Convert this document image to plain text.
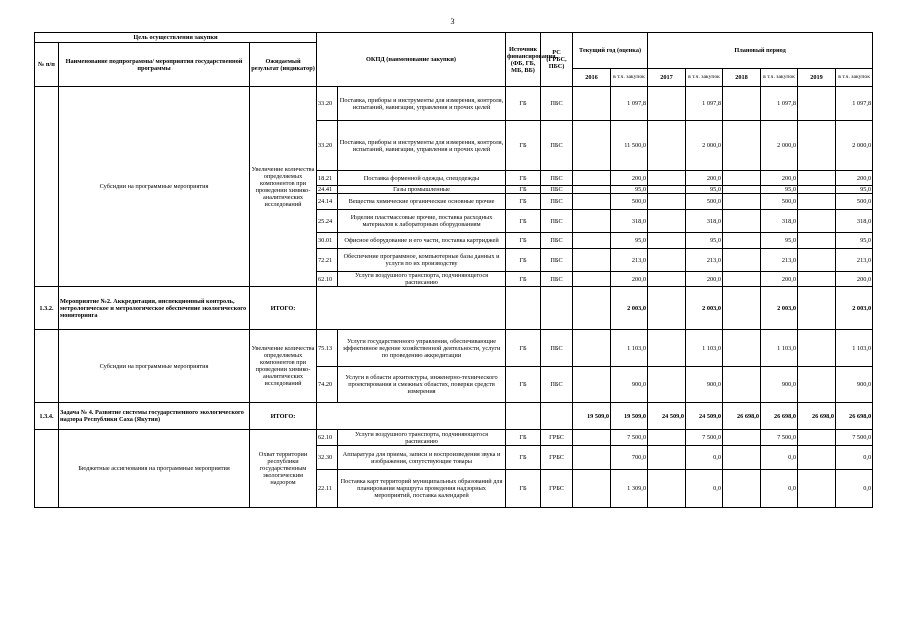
3
Цель осуществления закупки			ОКПД (наименование закупки)		Источник финансирования. (ФБ, ГБ, МБ, ВБ)	РС (ГРБС, ПБС)	Текущий год (оценка)		Плановый период					
№ п/п	Наименование подпрограммы/ мероприятия государственной программы	Ожидаемый результат (индикатор)												
							2016	в т.ч. закупок	2017	в т.ч. закупок	2018	в т.ч. закупок	2019	в т.ч. закупок
	Субсидии на программные мероприятия	Увеличение количества определяемых компонентов при проведении химико-аналитических исследований	33.20	Поставка, приборы и инструменты для измерения, контроля, испытаний, навигации, управления и прочих целей	ГБ	ПБС		1 097,8		1 097,8		1 097,8		1 097,8
			33.20	Поставка, приборы и инструменты для измерения, контроля, испытаний, навигации, управления и прочих целей	ГБ	ПБС		11 500,0		2 000,0		2 000,0		2 000,0
			18.21	Поставка форменной одежды, спецодежды	ГБ	ПБС		200,0		200,0		200,0		200,0
			24.41	Газы промышленные	ГБ	ПБС		95,0		95,0		95,0		95,0
			24.14	Вещества химические органические основные прочие	ГБ	ПБС		500,0		500,0		500,0		500,0
			25.24	Изделия пластмассовые прочие, поставка расходных материалов к лабораторным оборудованиям	ГБ	ПБС		318,0		318,0		318,0		318,0
			30.01	Офисное оборудование и его части, поставка картриджей	ГБ	ПБС		95,0		95,0		95,0		95,0
			72.21	Обеспечение программное, компьютерные базы данных и услуги по их производству	ГБ	ПБС		213,0		213,0		213,0		213,0
			62.10	Услуги воздушного транспорта, подчиняющегося расписанию	ГБ	ПБС		200,0		200,0		200,0		200,0
1.3.2.	Мероприятие №2. Аккредитация, инспекционный контроль, метрологическое и метрологическое обеспечение экологического мониторинга	ИТОГО:						2 003,0		2 003,0		2 003,0		2 003,0
	Субсидии на программные мероприятия	Увеличение количества определяемых компонентов при проведении химико-аналитических исследований	75.13	Услуги государственного управления, обеспечивающие эффективное ведение хозяйственной деятельности, услуги по проведению аккредитации	ГБ	ПБС		1 103,0		1 103,0		1 103,0		1 103,0
			74.20	Услуги в области архитектуры, инженерно-технического проектирования и смежных областях, поверки средств измерения	ГБ	ПБС		900,0		900,0		900,0		900,0
1.3.4.	Задача № 4. Развитие системы государственного экологического надзора Республики Саха (Якутия)	ИТОГО:					19 509,0	19 509,0	24 509,0	24 509,0	26 698,0	26 698,0	26 698,0	26 698,0
	Бюджетные ассигнования на программные мероприятия	Охват территории республики государственным экологическим надзором	62.10	Услуги воздушного транспорта, подчиняющегося расписанию	ГБ	ГРБС		7 500,0		7 500,0		7 500,0		7 500,0
			32.30	Аппаратура для приема, записи и воспроизведения звука и изображения, сопутствующие товары	ГБ	ГРБС		700,0		0,0		0,0		0,0
			22.11	Поставка карт территорий муниципальных образований для планирования маршрута проведения надзорных мероприятий, поставка календарей	ГБ	ГРБС		1 309,0		0,0		0,0		0,0
